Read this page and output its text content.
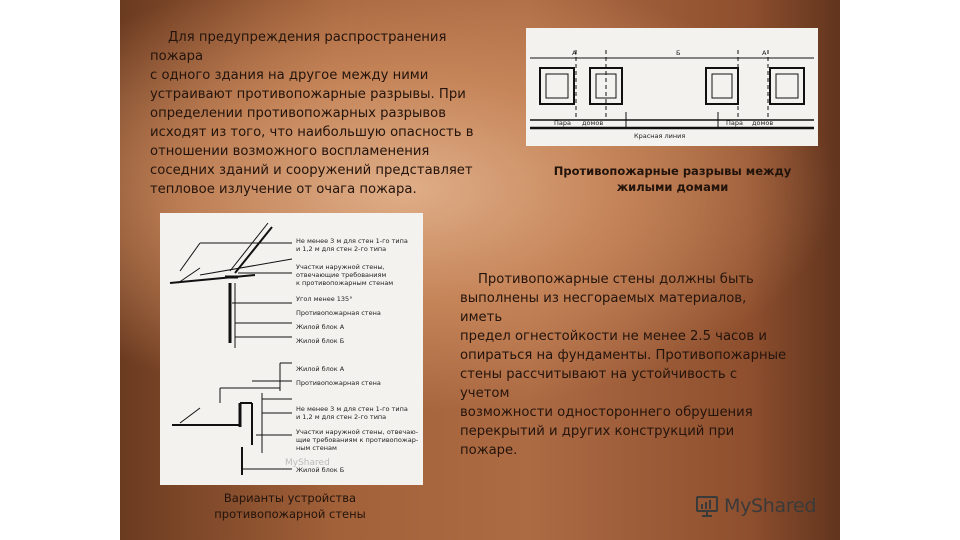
Для предупреждения распространения пожара
с одного здания на другое между ними
устраивают противопожарные разрывы. При
определении противопожарных разрывов
исходят из того, что наибольшую опасность в
отношении возможного воспламенения
соседних зданий и сооружений представляет
тепловое излучение от очага пожара.
А	Б	А
Пара домов	Пара домов
Красная линия
Противопожарные разрывы между
жилыми домами
Не менее 3 м для стен 1-го типа
и 1,2 м для стен 2-го типа
Участки наружной стены,
отвечающие требованиям
к противопожарным стенам
Угол менее 135°
Противопожарная стена
Жилой блок А
Жилой блок Б
Жилой блок А
Противопожарная стена
Не менее 3 м для стен 1-го типа
и 1,2 м для стен 2-го типа
Участки наружной стены, отвечаю-
щие требованиям к противопожар-
ным стенам
Жилой блок Б
МyShared
Варианты устройства
противопожарной стены
Противопожарные стены должны быть
выполнены из несгораемых материалов, иметь
предел огнестойкости не менее 2.5 часов и
опираться на фундаменты. Противопожарные
стены рассчитывают на устойчивость с учетом
возможности одностороннего обрушения
перекрытий и других конструкций при пожаре.
MyShared
